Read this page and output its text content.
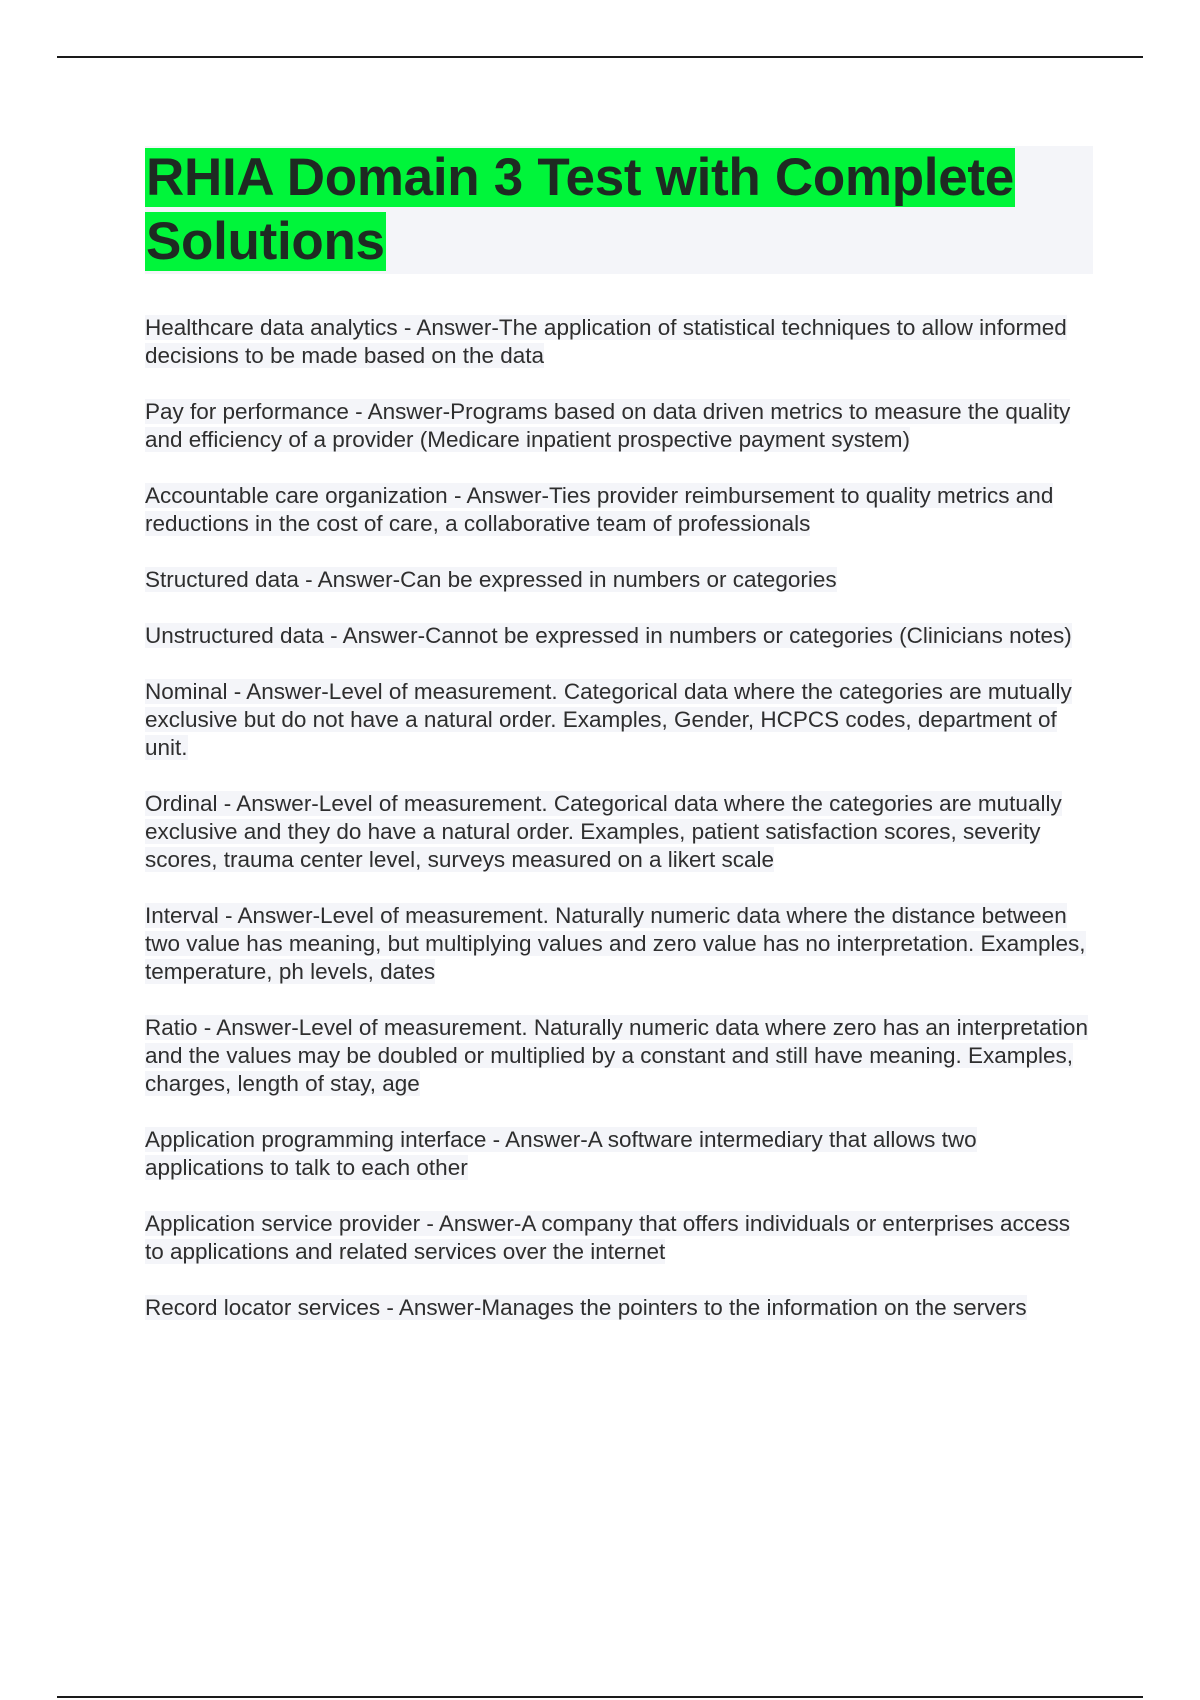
RHIA Domain 3 Test with Complete Solutions
Healthcare data analytics - Answer-The application of statistical techniques to allow informed decisions to be made based on the data
Pay for performance - Answer-Programs based on data driven metrics to measure the quality and efficiency of a provider (Medicare inpatient prospective payment system)
Accountable care organization - Answer-Ties provider reimbursement to quality metrics and reductions in the cost of care, a collaborative team of professionals
Structured data - Answer-Can be expressed in numbers or categories
Unstructured data - Answer-Cannot be expressed in numbers or categories (Clinicians notes)
Nominal - Answer-Level of measurement. Categorical data where the categories are mutually exclusive but do not have a natural order. Examples, Gender, HCPCS codes, department of unit.
Ordinal - Answer-Level of measurement. Categorical data where the categories are mutually exclusive and they do have a natural order. Examples, patient satisfaction scores, severity scores, trauma center level, surveys measured on a likert scale
Interval - Answer-Level of measurement. Naturally numeric data where the distance between two value has meaning, but multiplying values and zero value has no interpretation. Examples, temperature, ph levels, dates
Ratio - Answer-Level of measurement. Naturally numeric data where zero has an interpretation and the values may be doubled or multiplied by a constant and still have meaning. Examples, charges, length of stay, age
Application programming interface - Answer-A software intermediary that allows two applications to talk to each other
Application service provider - Answer-A company that offers individuals or enterprises access to applications and related services over the internet
Record locator services - Answer-Manages the pointers to the information on the servers
